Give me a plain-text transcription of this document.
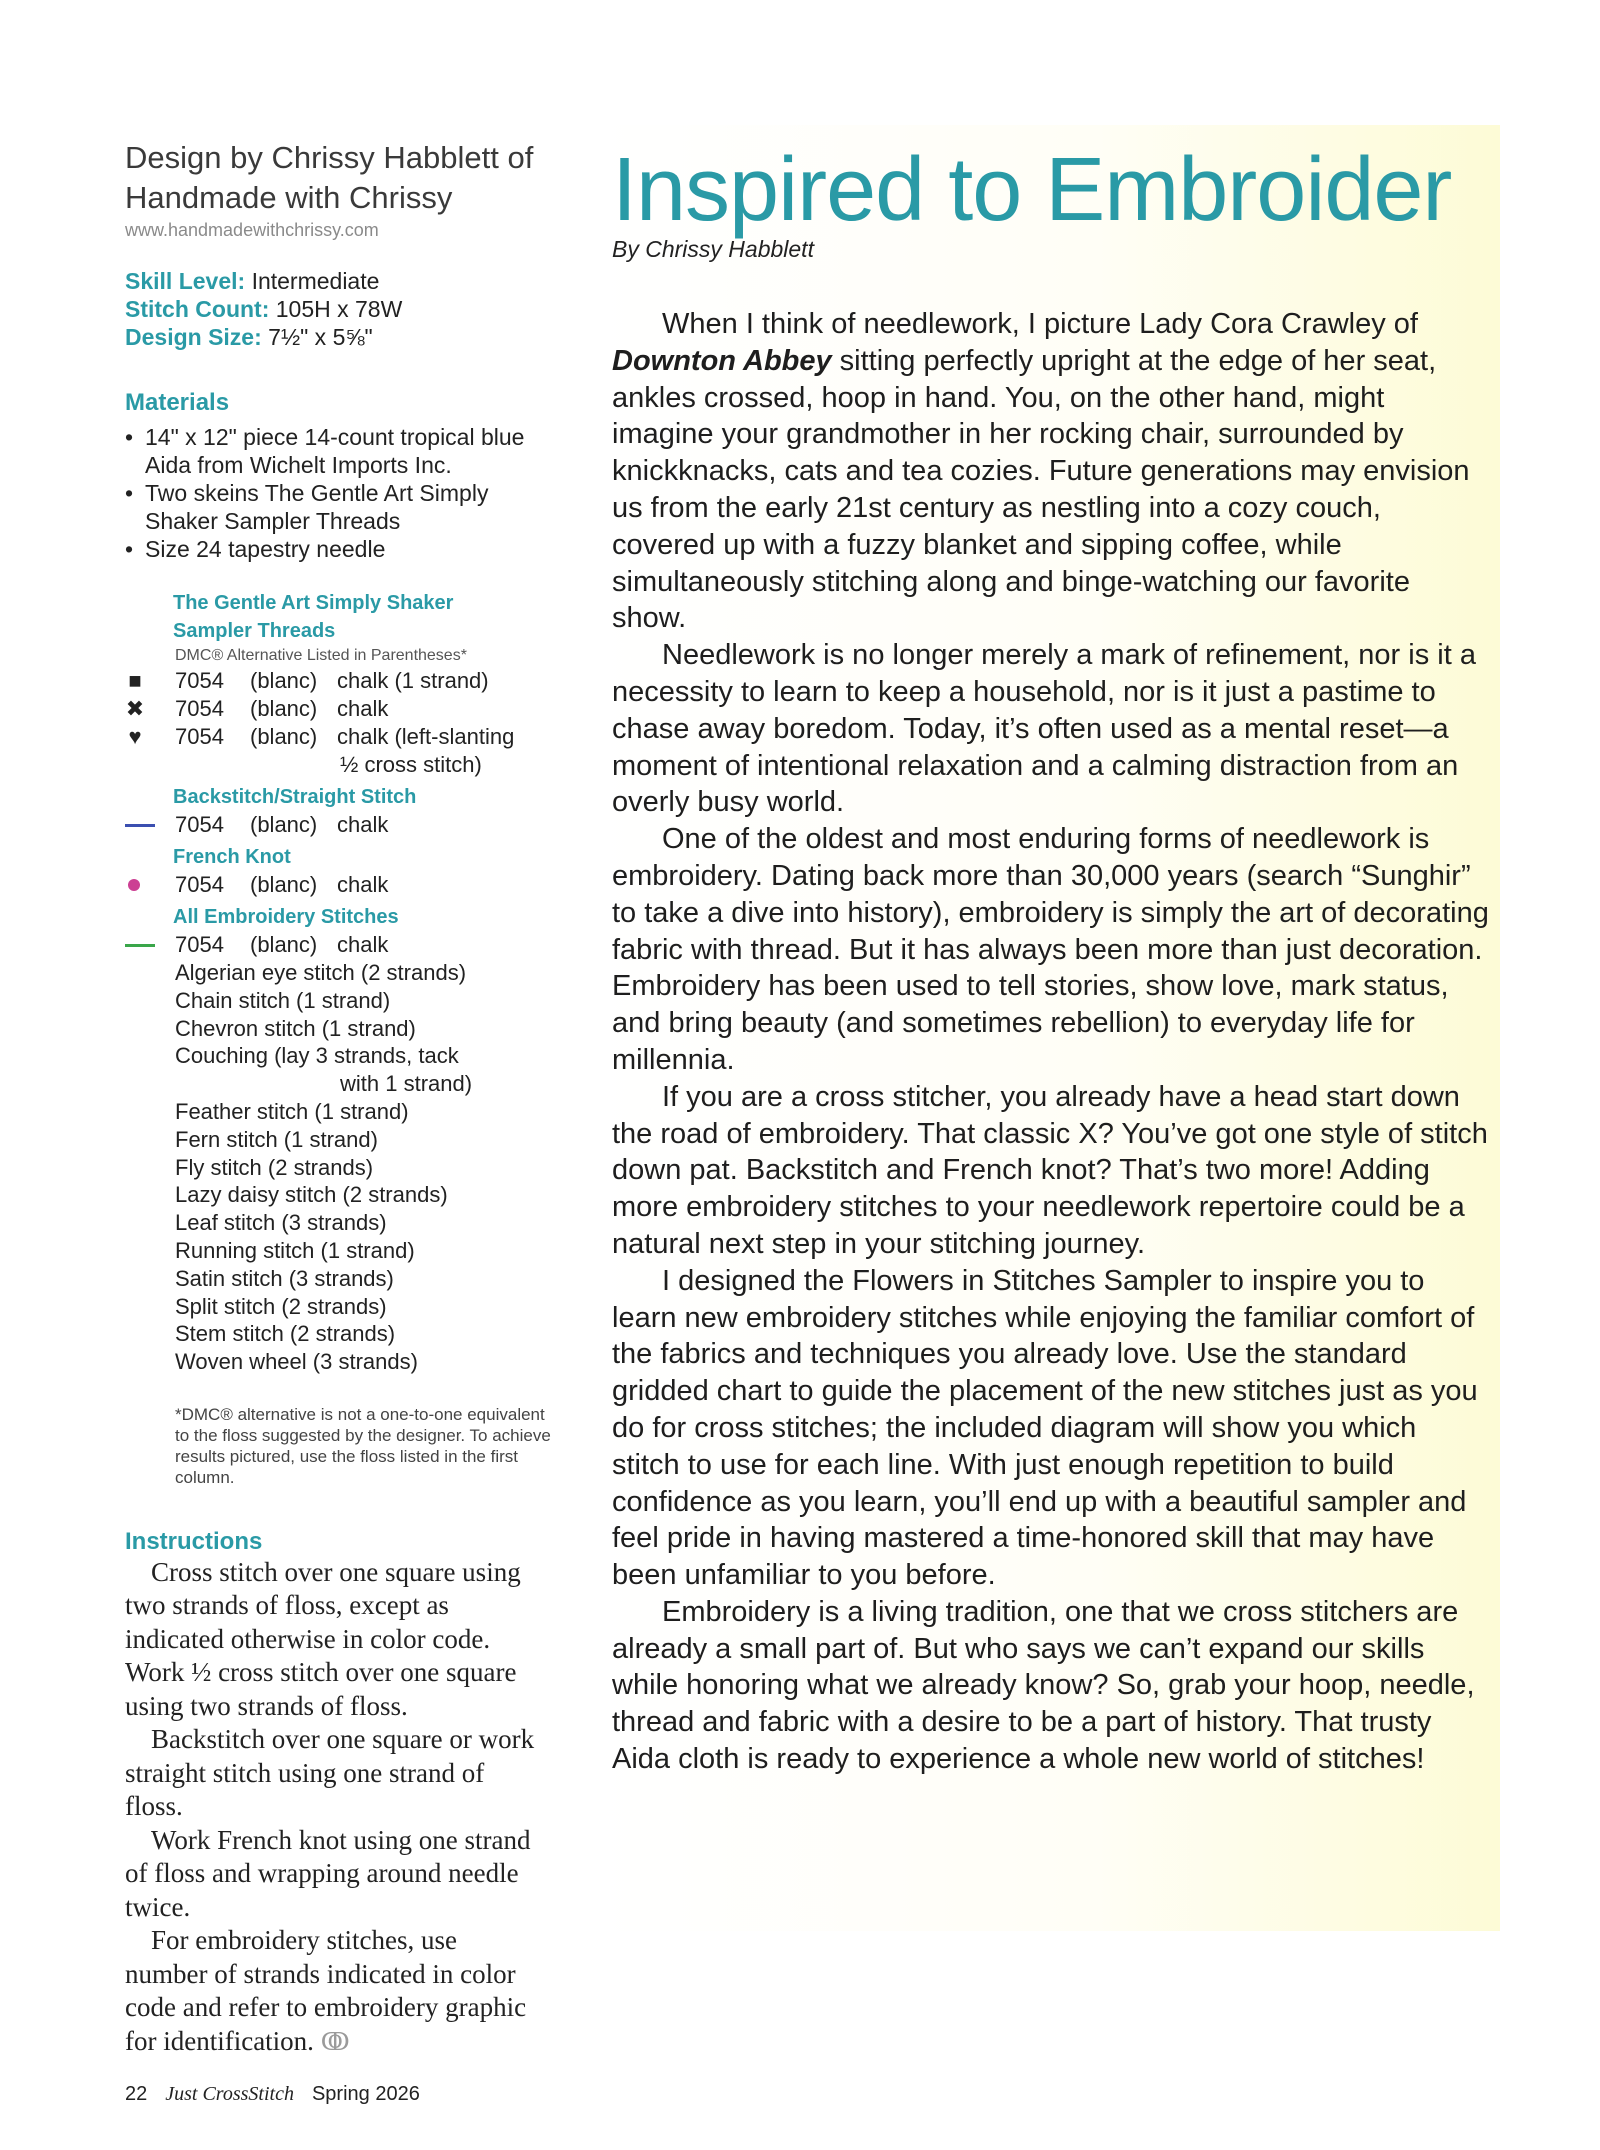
Inspired to Embroider
By Chrissy Habblett

When I think of needlework, I picture Lady Cora Crawley of Downton Abbey sitting perfectly upright at the edge of her seat, ankles crossed, hoop in hand. You, on the other hand, might imagine your grandmother in her rocking chair, surrounded by knickknacks, cats and tea cozies. Future generations may envision us from the early 21st century as nestling into a cozy couch, covered up with a fuzzy blanket and sipping coffee, while simultaneously stitching along and binge-watching our favorite show.

Needlework is no longer merely a mark of refinement, nor is it a necessity to learn to keep a household, nor is it just a pastime to chase away boredom. Today, it’s often used as a mental reset—a moment of intentional relaxation and a calming distraction from an overly busy world.

One of the oldest and most enduring forms of needlework is embroidery. Dating back more than 30,000 years (search “Sunghir” to take a dive into history), embroidery is simply the art of decorating fabric with thread. But it has always been more than just decoration. Embroidery has been used to tell stories, show love, mark status, and bring beauty (and sometimes rebellion) to everyday life for millennia.

If you are a cross stitcher, you already have a head start down the road of embroidery. That classic X? You’ve got one style of stitch down pat. Backstitch and French knot? That’s two more! Adding more embroidery stitches to your needlework repertoire could be a natural next step in your stitching journey.

I designed the Flowers in Stitches Sampler to inspire you to learn new embroidery stitches while enjoying the familiar comfort of the fabrics and techniques you already love. Use the standard gridded chart to guide the placement of the new stitches just as you do for cross stitches; the included diagram will show you which stitch to use for each line. With just enough repetition to build confidence as you learn, you’ll end up with a beautiful sampler and feel pride in having mastered a time-honored skill that may have been unfamiliar to you before.

Embroidery is a living tradition, one that we cross stitchers are already a small part of. But who says we can’t expand our skills while honoring what we already know? So, grab your hoop, needle, thread and fabric with a desire to be a part of history. That trusty Aida cloth is ready to experience a whole new world of stitches!

Design by Chrissy Habblett of
Handmade with Chrissy
www.handmadewithchrissy.com
Skill Level: Intermediate
Stitch Count: 105H x 78W
Design Size: 7½" x 5⅝"
Materials
• 14" x 12" piece 14-count tropical blue Aida from Wichelt Imports Inc.
• Two skeins The Gentle Art Simply Shaker Sampler Threads
• Size 24 tapestry needle
The Gentle Art Simply Shaker
Sampler Threads
DMC® Alternative Listed in Parentheses*
■ 7054 (blanc) chalk (1 strand)
✖ 7054 (blanc) chalk
♥ 7054 (blanc) chalk (left-slanting
½ cross stitch)
Backstitch/Straight Stitch
7054 (blanc) chalk
French Knot
7054 (blanc) chalk
All Embroidery Stitches
7054 (blanc) chalk
Algerian eye stitch (2 strands)
Chain stitch (1 strand)
Chevron stitch (1 strand)
Couching (lay 3 strands, tack
with 1 strand)
Feather stitch (1 strand)
Fern stitch (1 strand)
Fly stitch (2 strands)
Lazy daisy stitch (2 strands)
Leaf stitch (3 strands)
Running stitch (1 strand)
Satin stitch (3 strands)
Split stitch (2 strands)
Stem stitch (2 strands)
Woven wheel (3 strands)
*DMC® alternative is not a one-to-one equivalent to the floss suggested by the designer. To achieve results pictured, use the floss listed in the first column.
Instructions

Cross stitch over one square using two strands of floss, except as indicated otherwise in color code. Work ½ cross stitch over one square using two strands of floss.

Backstitch over one square or work straight stitch using one strand of floss.

Work French knot using one strand of floss and wrapping around needle twice.

For embroidery stitches, use number of strands indicated in color code and refer to embroidery graphic for identification. ↂ

22 Just CrossStitch Spring 2026
